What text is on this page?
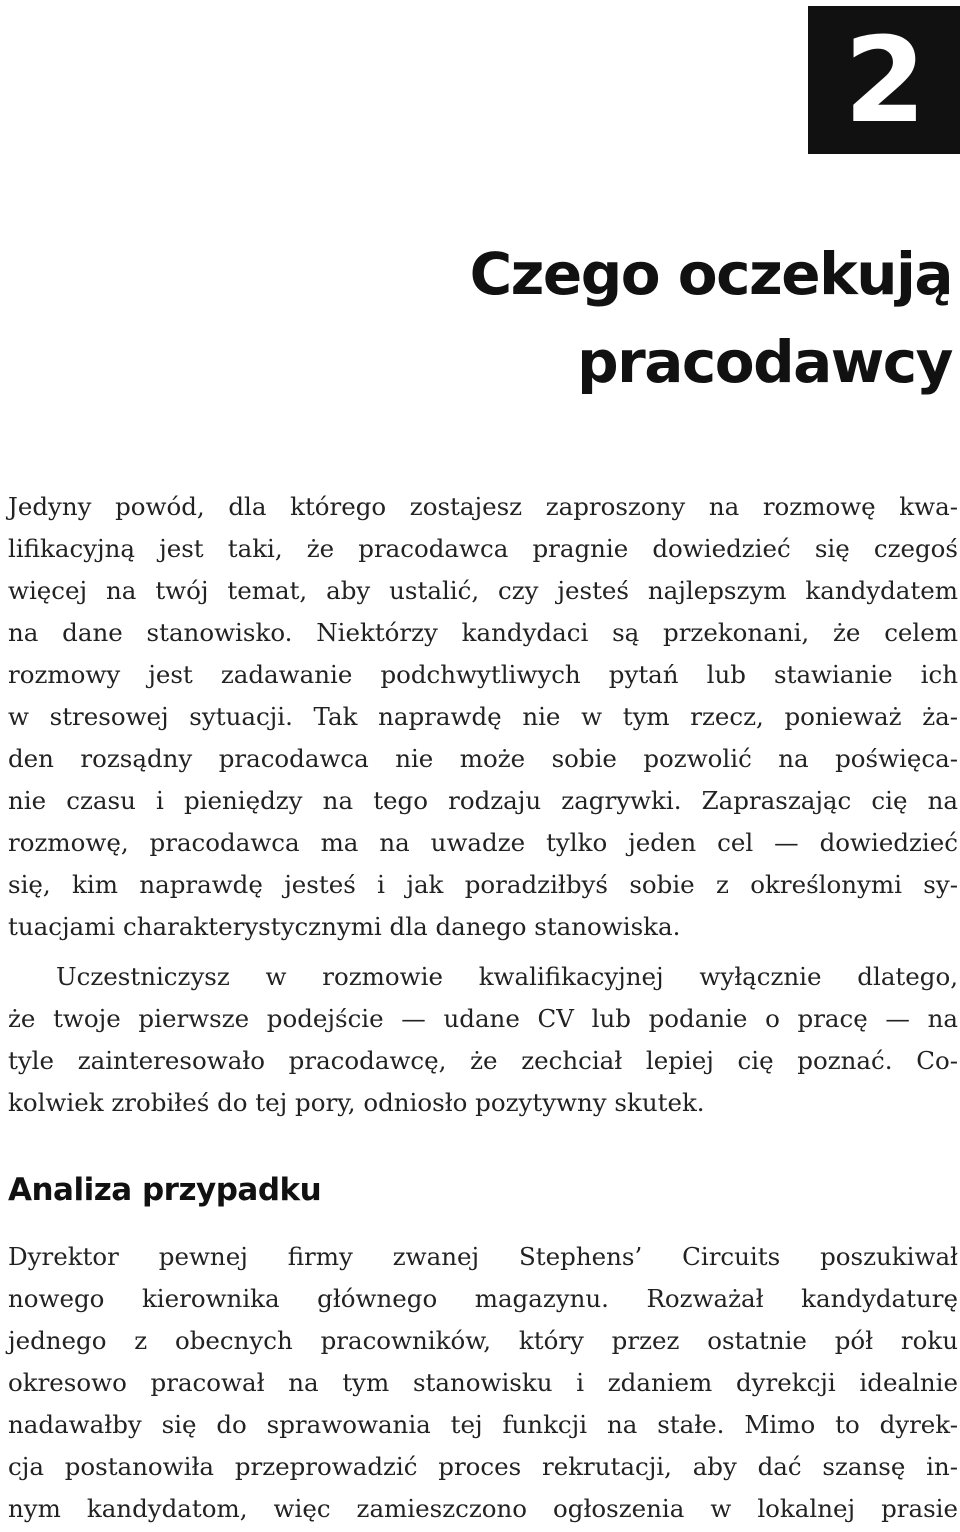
2
Czego oczekują
pracodawcy
Jedyny powód, dla którego zostajesz zaproszony na rozmowę kwa-
lifikacyjną jest taki, że pracodawca pragnie dowiedzieć się czegoś
więcej na twój temat, aby ustalić, czy jesteś najlepszym kandydatem
na dane stanowisko. Niektórzy kandydaci są przekonani, że celem
rozmowy jest zadawanie podchwytliwych pytań lub stawianie ich
w stresowej sytuacji. Tak naprawdę nie w tym rzecz, ponieważ ża-
den rozsądny pracodawca nie może sobie pozwolić na poświęca-
nie czasu i pieniędzy na tego rodzaju zagrywki. Zapraszając cię na
rozmowę, pracodawca ma na uwadze tylko jeden cel — dowiedzieć
się, kim naprawdę jesteś i jak poradziłbyś sobie z określonymi sy-
tuacjami charakterystycznymi dla danego stanowiska.
Uczestniczysz w rozmowie kwalifikacyjnej wyłącznie dlatego,
że twoje pierwsze podejście — udane CV lub podanie o pracę — na
tyle zainteresowało pracodawcę, że zechciał lepiej cię poznać. Co-
kolwiek zrobiłeś do tej pory, odniosło pozytywny skutek.
Analiza przypadku
Dyrektor pewnej firmy zwanej Stephens’ Circuits poszukiwał
nowego kierownika głównego magazynu. Rozważał kandydaturę
jednego z obecnych pracowników, który przez ostatnie pół roku
okresowo pracował na tym stanowisku i zdaniem dyrekcji idealnie
nadawałby się do sprawowania tej funkcji na stałe. Mimo to dyrek-
cja postanowiła przeprowadzić proces rekrutacji, aby dać szansę in-
nym kandydatom, więc zamieszczono ogłoszenia w lokalnej prasie
